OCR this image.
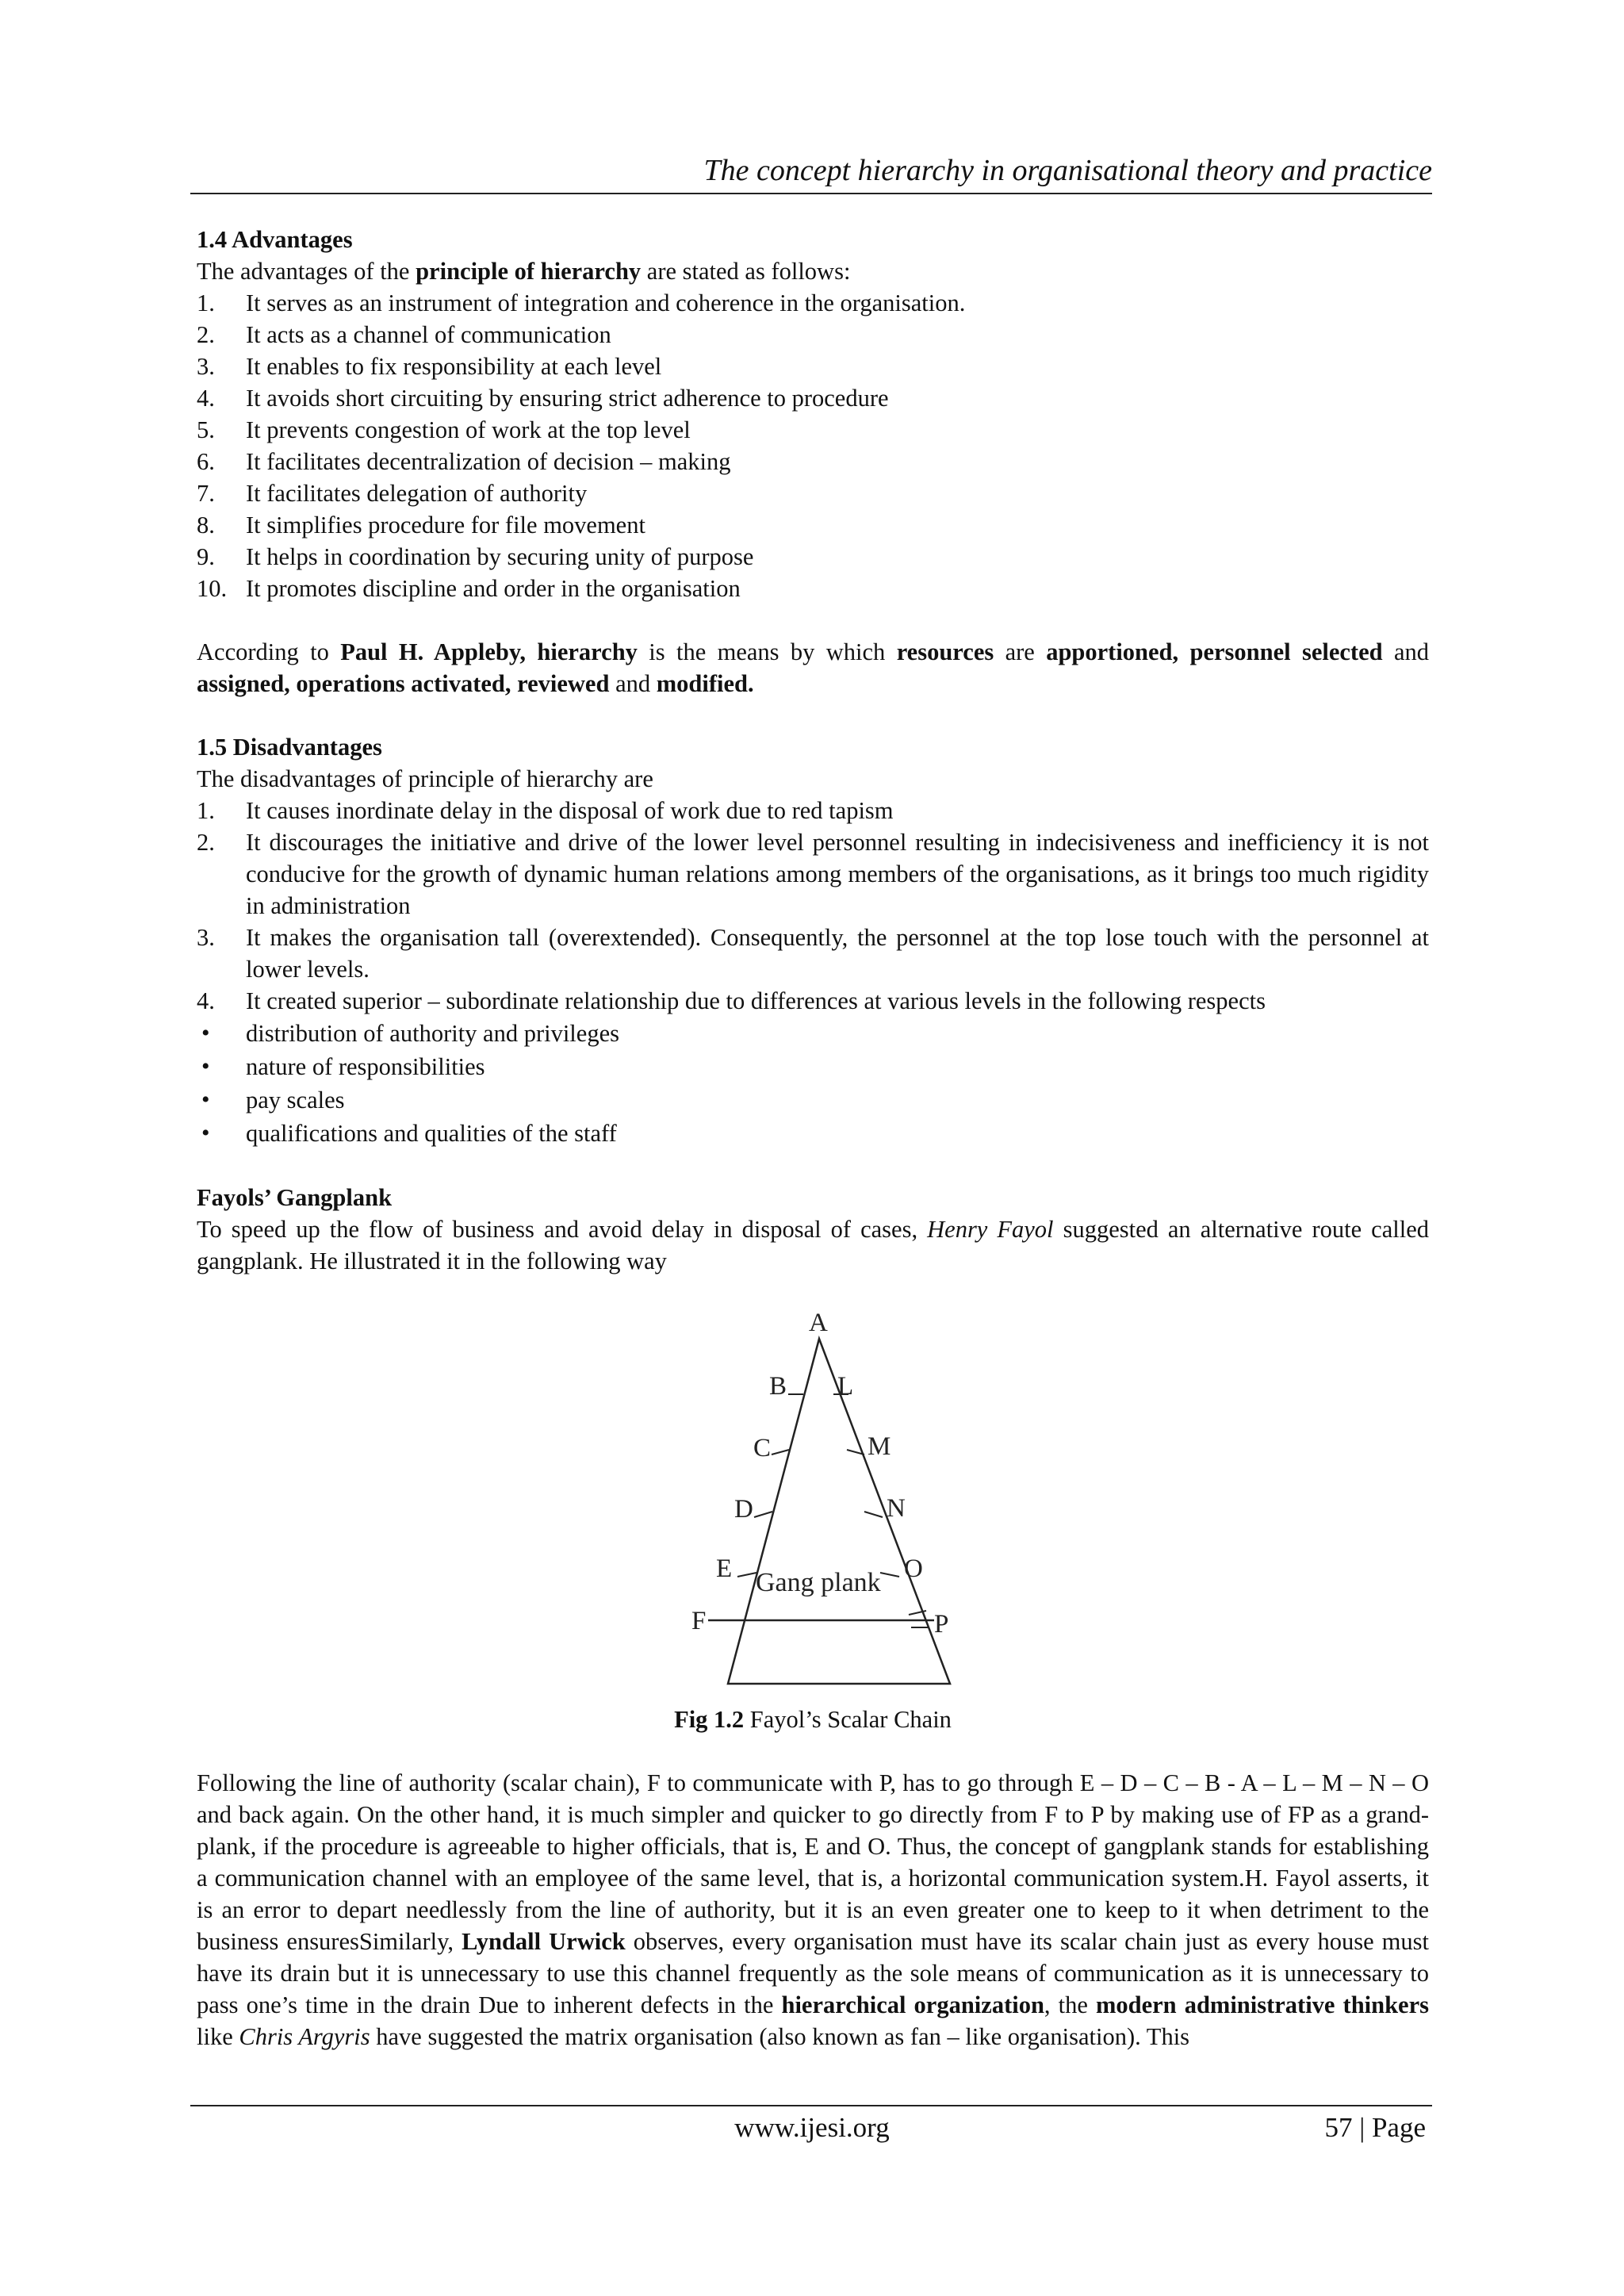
The concept hierarchy in organisational theory and practice

1.4 Advantages

The advantages of the principle of hierarchy are stated as follows:

1. It serves as an instrument of integration and coherence in the organisation.
2. It acts as a channel of communication
3. It enables to fix responsibility at each level
4. It avoids short circuiting by ensuring strict adherence to procedure
5. It prevents congestion of work at the top level
6. It facilitates decentralization of decision – making
7. It facilitates delegation of authority
8. It simplifies procedure for file movement
9. It helps in coordination by securing unity of purpose
10. It promotes discipline and order in the organisation

According to Paul H. Appleby, hierarchy is the means by which resources are apportioned, personnel selected and assigned, operations activated, reviewed and modified.

1.5 Disadvantages

The disadvantages of principle of hierarchy are

1. It causes inordinate delay in the disposal of work due to red tapism
2. It discourages the initiative and drive of the lower level personnel resulting in indecisiveness and inefficiency it is not conducive for the growth of dynamic human relations among members of the organisations, as it brings too much rigidity in administration
3. It makes the organisation tall (overextended). Consequently, the personnel at the top lose touch with the personnel at lower levels.
4. It created superior – subordinate relationship due to differences at various levels in the following respects
• distribution of authority and privileges
• nature of responsibilities
• pay scales
• qualifications and qualities of the staff

Fayols’ Gangplank

To speed up the flow of business and avoid delay in disposal of cases, Henry Fayol suggested an alternative route called gangplank. He illustrated it in the following way

A
B
C
D
E
F
L
M
N
O
P
Gang plank

Fig 1.2 Fayol’s Scalar Chain

Following the line of authority (scalar chain), F to communicate with P, has to go through E – D – C – B - A – L – M – N – O and back again. On the other hand, it is much simpler and quicker to go directly from F to P by making use of FP as a grand-plank, if the procedure is agreeable to higher officials, that is, E and O. Thus, the concept of gangplank stands for establishing a communication channel with an employee of the same level, that is, a horizontal communication system.H. Fayol asserts, it is an error to depart needlessly from the line of authority, but it is an even greater one to keep to it when detriment to the business ensuresSimilarly, Lyndall Urwick observes, every organisation must have its scalar chain just as every house must have its drain but it is unnecessary to use this channel frequently as the sole means of communication as it is unnecessary to pass one’s time in the drain Due to inherent defects in the hierarchical organization, the modern administrative thinkers like Chris Argyris have suggested the matrix organisation (also known as fan – like organisation). This

www.ijesi.org	57 | Page
